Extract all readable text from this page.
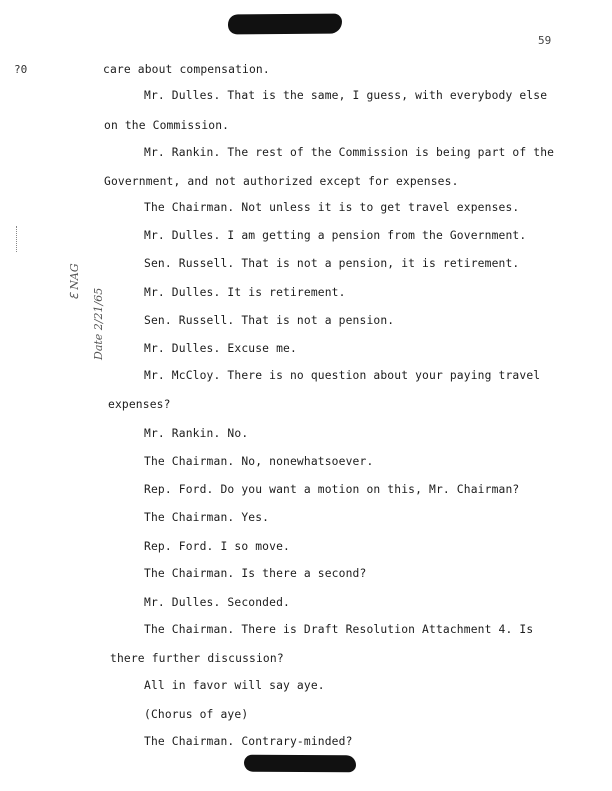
59
?0
ℇ NAG
Date 2/21/65
care about compensation.
Mr. Dulles. That is the same, I guess, with everybody else
on the Commission.
Mr. Rankin. The rest of the Commission is being part of the
Government, and not authorized except for expenses.
The Chairman. Not unless it is to get travel expenses.
Mr. Dulles. I am getting a pension from the Government.
Sen. Russell. That is not a pension, it is retirement.
Mr. Dulles. It is retirement.
Sen. Russell. That is not a pension.
Mr. Dulles. Excuse me.
Mr. McCloy. There is no question about your paying travel
expenses?
Mr. Rankin. No.
The Chairman. No, nonewhatsoever.
Rep. Ford. Do you want a motion on this, Mr. Chairman?
The Chairman. Yes.
Rep. Ford. I so move.
The Chairman. Is there a second?
Mr. Dulles. Seconded.
The Chairman. There is Draft Resolution Attachment 4. Is
there further discussion?
All in favor will say aye.
(Chorus of aye)
The Chairman. Contrary-minded?
